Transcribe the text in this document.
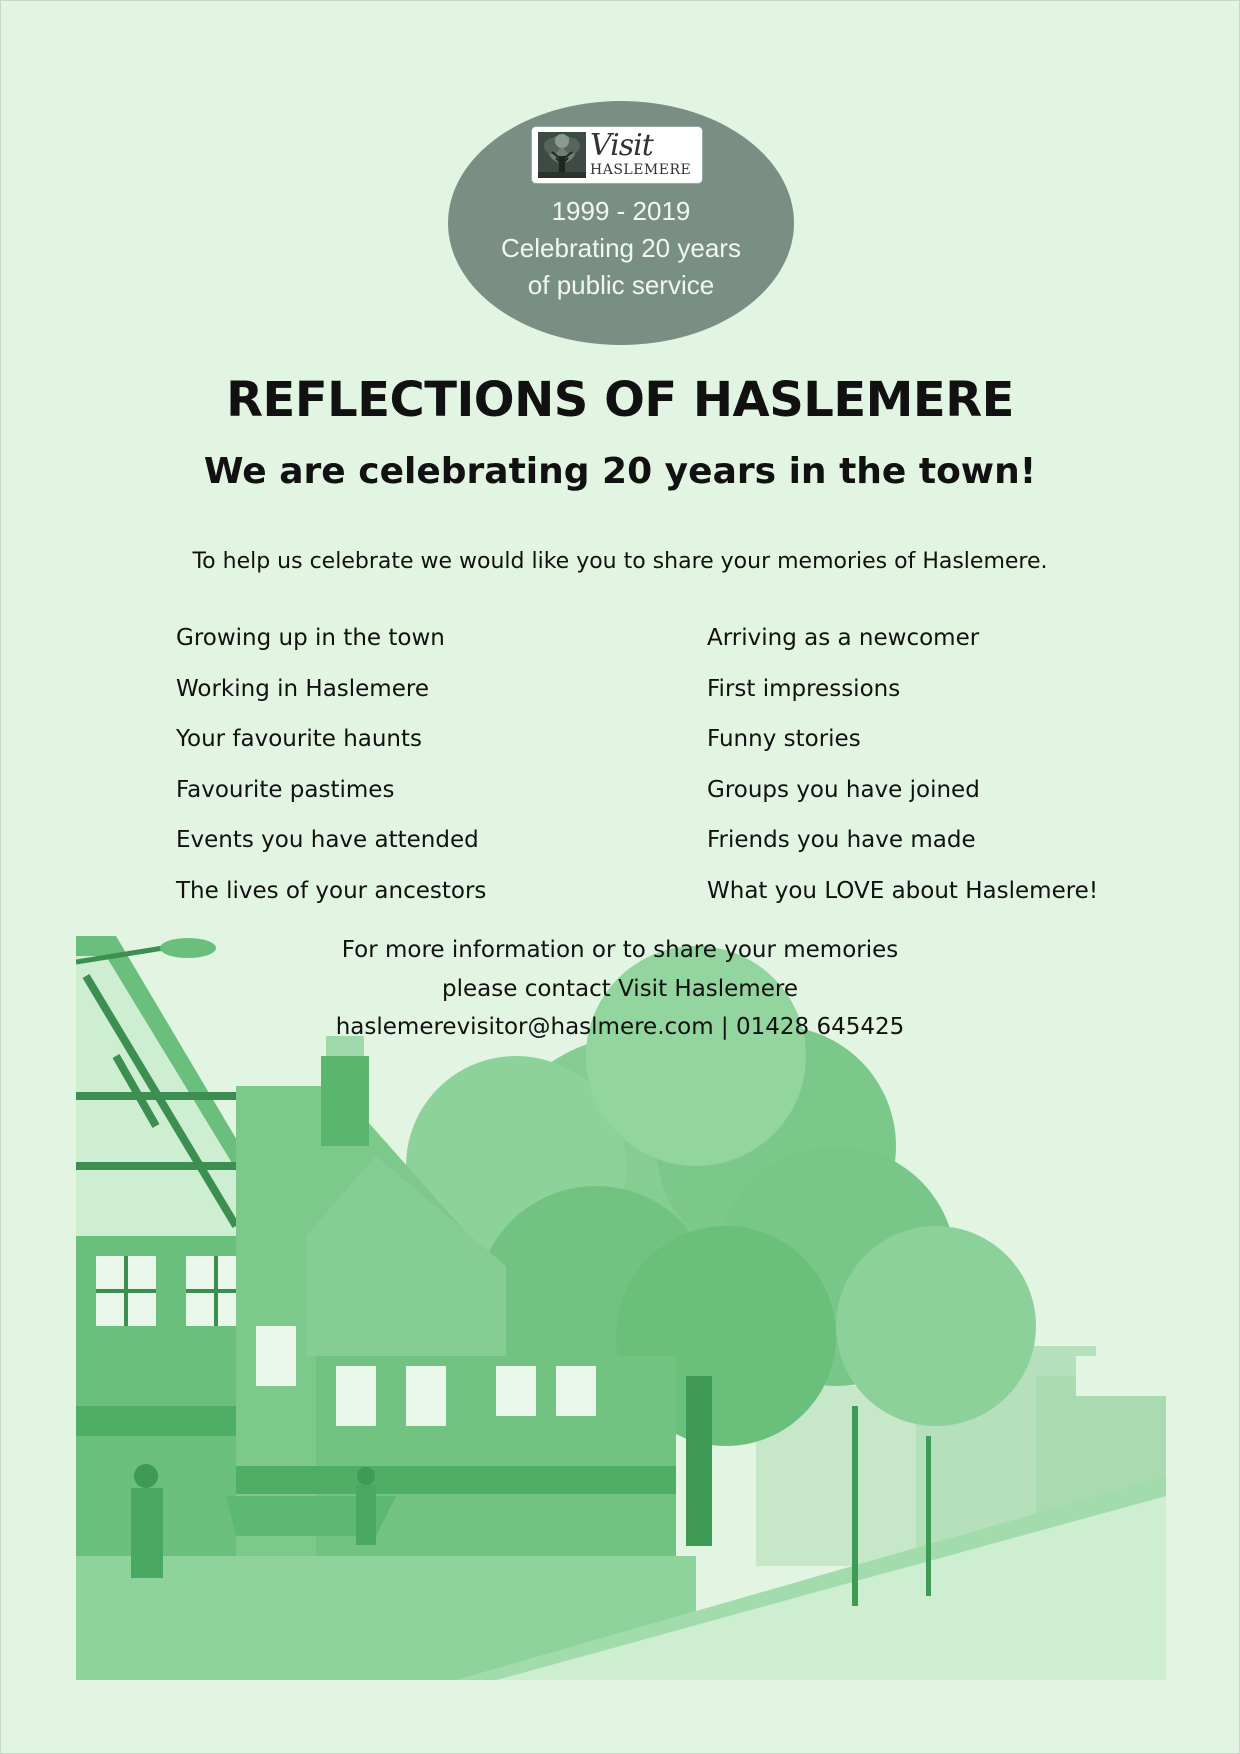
Visit
HASLEMERE
1999 - 2019
Celebrating 20 years
of public service
REFLECTIONS OF HASLEMERE
We are celebrating 20 years in the town!
To help us celebrate we would like you to share your memories of Haslemere.
Growing up in the town
Working in Haslemere
Your favourite haunts
Favourite pastimes
Events you have attended
The lives of your ancestors
Arriving as a newcomer
First impressions
Funny stories
Groups you have joined
Friends you have made
What you LOVE about Haslemere!
For more information or to share your memories
please contact Visit Haslemere
haslemerevisitor@haslmere.com | 01428 645425
